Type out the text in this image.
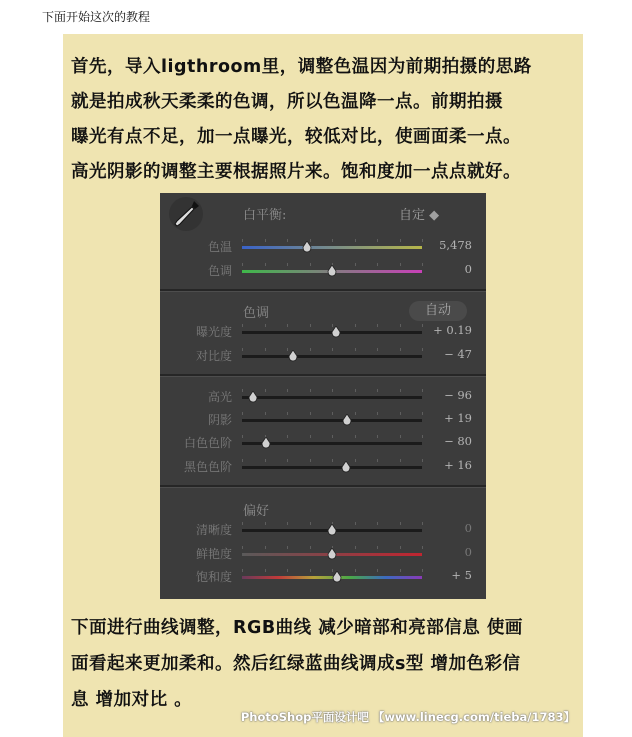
下面开始这次的教程
首先，导入ligthroom里，调整色温因为前期拍摄的思路
就是拍成秋天柔柔的色调，所以色温降一点。前期拍摄
曝光有点不足，加一点曝光，较低对比，使画面柔一点。
高光阴影的调整主要根据照片来。饱和度加一点点就好。
白平衡:	自定 ◆
色温	5,478
色调	0
色调	自动
曝光度	+ 0.19
对比度	− 47
高光	− 96
阴影	+ 19
白色色阶	− 80
黑色色阶	+ 16
偏好
清晰度	0
鲜艳度	0
饱和度	+ 5
下面进行曲线调整，RGB曲线 减少暗部和亮部信息 使画
面看起来更加柔和。然后红绿蓝曲线调成s型 增加色彩信
息 增加对比 。
PhotoShop平面设计吧 【www.linecg.com/tieba/1783】
